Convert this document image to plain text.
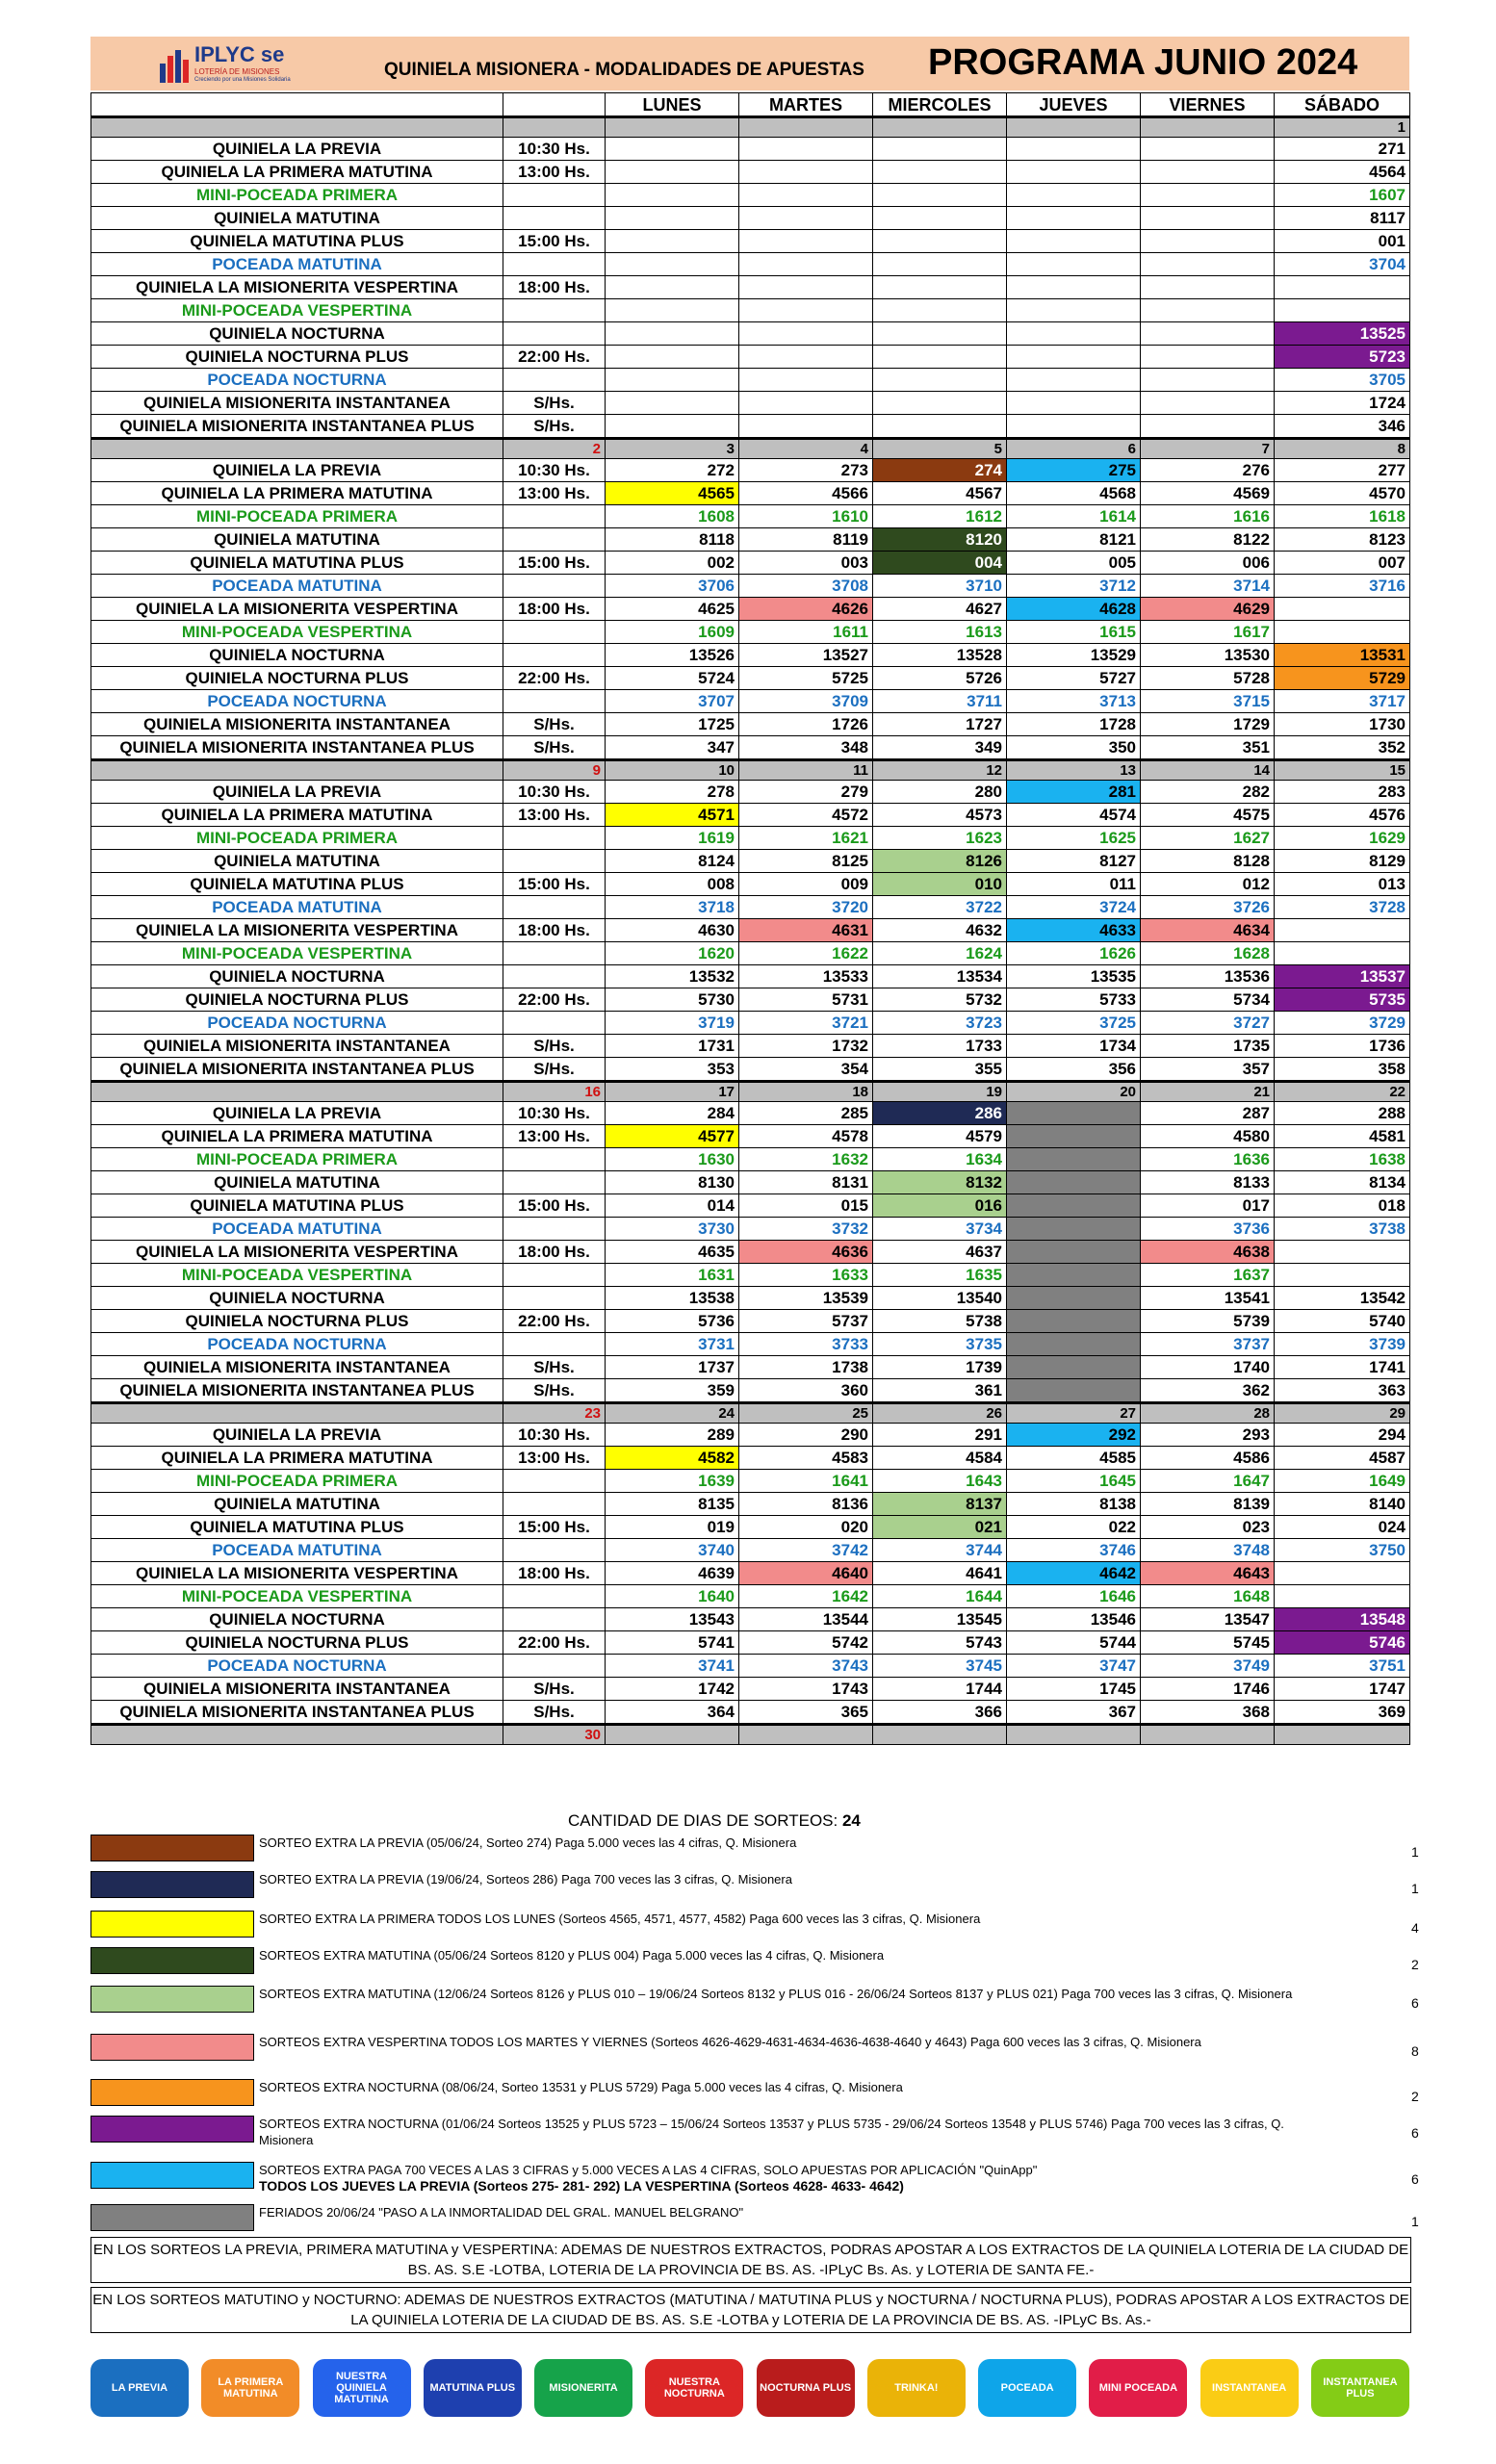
IPLYC se
LOTERÍA DE MISIONES
Creciendo por una Misiones Solidaria	QUINIELA MISIONERA - MODALIDADES DE APUESTAS PROGRAMA JUNIO 2024
		LUNES	MARTES	MIERCOLES	JUEVES	VIERNES	SÁBADO
							1
QUINIELA LA PREVIA	10:30 Hs.						271
QUINIELA LA PRIMERA MATUTINA	13:00 Hs.						4564
MINI-POCEADA PRIMERA							1607
QUINIELA MATUTINA							8117
QUINIELA MATUTINA PLUS	15:00 Hs.						001
POCEADA MATUTINA							3704
QUINIELA LA MISIONERITA VESPERTINA	18:00 Hs.						
MINI-POCEADA VESPERTINA							
QUINIELA NOCTURNA							13525
QUINIELA NOCTURNA PLUS	22:00 Hs.						5723
POCEADA NOCTURNA							3705
QUINIELA MISIONERITA INSTANTANEA	S/Hs.						1724
QUINIELA MISIONERITA INSTANTANEA PLUS	S/Hs.						346
	2	3	4	5	6	7	8
QUINIELA LA PREVIA	10:30 Hs.	272	273	274	275	276	277
QUINIELA LA PRIMERA MATUTINA	13:00 Hs.	4565	4566	4567	4568	4569	4570
MINI-POCEADA PRIMERA		1608	1610	1612	1614	1616	1618
QUINIELA MATUTINA		8118	8119	8120	8121	8122	8123
QUINIELA MATUTINA PLUS	15:00 Hs.	002	003	004	005	006	007
POCEADA MATUTINA		3706	3708	3710	3712	3714	3716
QUINIELA LA MISIONERITA VESPERTINA	18:00 Hs.	4625	4626	4627	4628	4629	
MINI-POCEADA VESPERTINA		1609	1611	1613	1615	1617	
QUINIELA NOCTURNA		13526	13527	13528	13529	13530	13531
QUINIELA NOCTURNA PLUS	22:00 Hs.	5724	5725	5726	5727	5728	5729
POCEADA NOCTURNA		3707	3709	3711	3713	3715	3717
QUINIELA MISIONERITA INSTANTANEA	S/Hs.	1725	1726	1727	1728	1729	1730
QUINIELA MISIONERITA INSTANTANEA PLUS	S/Hs.	347	348	349	350	351	352
	9	10	11	12	13	14	15
QUINIELA LA PREVIA	10:30 Hs.	278	279	280	281	282	283
QUINIELA LA PRIMERA MATUTINA	13:00 Hs.	4571	4572	4573	4574	4575	4576
MINI-POCEADA PRIMERA		1619	1621	1623	1625	1627	1629
QUINIELA MATUTINA		8124	8125	8126	8127	8128	8129
QUINIELA MATUTINA PLUS	15:00 Hs.	008	009	010	011	012	013
POCEADA MATUTINA		3718	3720	3722	3724	3726	3728
QUINIELA LA MISIONERITA VESPERTINA	18:00 Hs.	4630	4631	4632	4633	4634	
MINI-POCEADA VESPERTINA		1620	1622	1624	1626	1628	
QUINIELA NOCTURNA		13532	13533	13534	13535	13536	13537
QUINIELA NOCTURNA PLUS	22:00 Hs.	5730	5731	5732	5733	5734	5735
POCEADA NOCTURNA		3719	3721	3723	3725	3727	3729
QUINIELA MISIONERITA INSTANTANEA	S/Hs.	1731	1732	1733	1734	1735	1736
QUINIELA MISIONERITA INSTANTANEA PLUS	S/Hs.	353	354	355	356	357	358
	16	17	18	19	20	21	22
QUINIELA LA PREVIA	10:30 Hs.	284	285	286		287	288
QUINIELA LA PRIMERA MATUTINA	13:00 Hs.	4577	4578	4579		4580	4581
MINI-POCEADA PRIMERA		1630	1632	1634		1636	1638
QUINIELA MATUTINA		8130	8131	8132		8133	8134
QUINIELA MATUTINA PLUS	15:00 Hs.	014	015	016		017	018
POCEADA MATUTINA		3730	3732	3734		3736	3738
QUINIELA LA MISIONERITA VESPERTINA	18:00 Hs.	4635	4636	4637		4638	
MINI-POCEADA VESPERTINA		1631	1633	1635		1637	
QUINIELA NOCTURNA		13538	13539	13540		13541	13542
QUINIELA NOCTURNA PLUS	22:00 Hs.	5736	5737	5738		5739	5740
POCEADA NOCTURNA		3731	3733	3735		3737	3739
QUINIELA MISIONERITA INSTANTANEA	S/Hs.	1737	1738	1739		1740	1741
QUINIELA MISIONERITA INSTANTANEA PLUS	S/Hs.	359	360	361		362	363
	23	24	25	26	27	28	29
QUINIELA LA PREVIA	10:30 Hs.	289	290	291	292	293	294
QUINIELA LA PRIMERA MATUTINA	13:00 Hs.	4582	4583	4584	4585	4586	4587
MINI-POCEADA PRIMERA		1639	1641	1643	1645	1647	1649
QUINIELA MATUTINA		8135	8136	8137	8138	8139	8140
QUINIELA MATUTINA PLUS	15:00 Hs.	019	020	021	022	023	024
POCEADA MATUTINA		3740	3742	3744	3746	3748	3750
QUINIELA LA MISIONERITA VESPERTINA	18:00 Hs.	4639	4640	4641	4642	4643	
MINI-POCEADA VESPERTINA		1640	1642	1644	1646	1648	
QUINIELA NOCTURNA		13543	13544	13545	13546	13547	13548
QUINIELA NOCTURNA PLUS	22:00 Hs.	5741	5742	5743	5744	5745	5746
POCEADA NOCTURNA		3741	3743	3745	3747	3749	3751
QUINIELA MISIONERITA INSTANTANEA	S/Hs.	1742	1743	1744	1745	1746	1747
QUINIELA MISIONERITA INSTANTANEA PLUS	S/Hs.	364	365	366	367	368	369
	30						
CANTIDAD DE DIAS DE SORTEOS: 24
SORTEO EXTRA LA PREVIA (05/06/24, Sorteo 274) Paga 5.000 veces las 4 cifras, Q. Misionera
1
SORTEO EXTRA LA PREVIA (19/06/24, Sorteos 286) Paga 700 veces las 3 cifras, Q. Misionera
1
SORTEO EXTRA LA PRIMERA TODOS LOS LUNES (Sorteos 4565, 4571, 4577, 4582) Paga 600 veces las 3 cifras, Q. Misionera
4
SORTEOS EXTRA MATUTINA (05/06/24 Sorteos 8120 y PLUS 004) Paga 5.000 veces las 4 cifras, Q. Misionera
2
SORTEOS EXTRA MATUTINA (12/06/24 Sorteos 8126 y PLUS 010 – 19/06/24 Sorteos 8132 y PLUS 016 - 26/06/24 Sorteos 8137 y PLUS 021) Paga 700 veces las 3 cifras, Q. Misionera
6
SORTEOS EXTRA VESPERTINA TODOS LOS MARTES Y VIERNES (Sorteos 4626-4629-4631-4634-4636-4638-4640 y 4643) Paga 600 veces las 3 cifras, Q. Misionera
8
SORTEOS EXTRA NOCTURNA (08/06/24, Sorteo 13531 y PLUS 5729) Paga 5.000 veces las 4 cifras, Q. Misionera
2
SORTEOS EXTRA NOCTURNA (01/06/24 Sorteos 13525 y PLUS 5723 – 15/06/24 Sorteos 13537 y PLUS 5735 - 29/06/24 Sorteos 13548 y PLUS 5746) Paga 700 veces las 3 cifras, Q. Misionera	6
SORTEOS EXTRA PAGA 700 VECES A LAS 3 CIFRAS y 5.000 VECES A LAS 4 CIFRAS, SOLO APUESTAS POR APLICACIÓN "QuinApp"
TODOS LOS JUEVES LA PREVIA (Sorteos 275- 281- 292) LA VESPERTINA (Sorteos 4628- 4633- 4642)	6
FERIADOS 20/06/24 "PASO A LA INMORTALIDAD DEL GRAL. MANUEL BELGRANO"
1
EN LOS SORTEOS LA PREVIA, PRIMERA MATUTINA y VESPERTINA: ADEMAS DE NUESTROS EXTRACTOS, PODRAS APOSTAR A LOS EXTRACTOS DE LA QUINIELA LOTERIA DE LA CIUDAD DE BS. AS. S.E -LOTBA, LOTERIA DE LA PROVINCIA DE BS. AS. -IPLyC Bs. As. y LOTERIA DE SANTA FE.-
EN LOS SORTEOS MATUTINO y NOCTURNO: ADEMAS DE NUESTROS EXTRACTOS (MATUTINA / MATUTINA PLUS y NOCTURNA / NOCTURNA PLUS), PODRAS APOSTAR A LOS EXTRACTOS DE LA QUINIELA LOTERIA DE LA CIUDAD DE BS. AS. S.E -LOTBA y LOTERIA DE LA PROVINCIA DE BS. AS. -IPLyC Bs. As.-
LA PREVIA	LA PRIMERA MATUTINA
NUESTRA QUINIELA MATUTINA
MATUTINA PLUS	MISIONERITA	NUESTRA NOCTURNA	NOCTURNA PLUS	TRINKA!	POCEADA	MINI POCEADA	INSTANTANEA	INSTANTANEA PLUS
